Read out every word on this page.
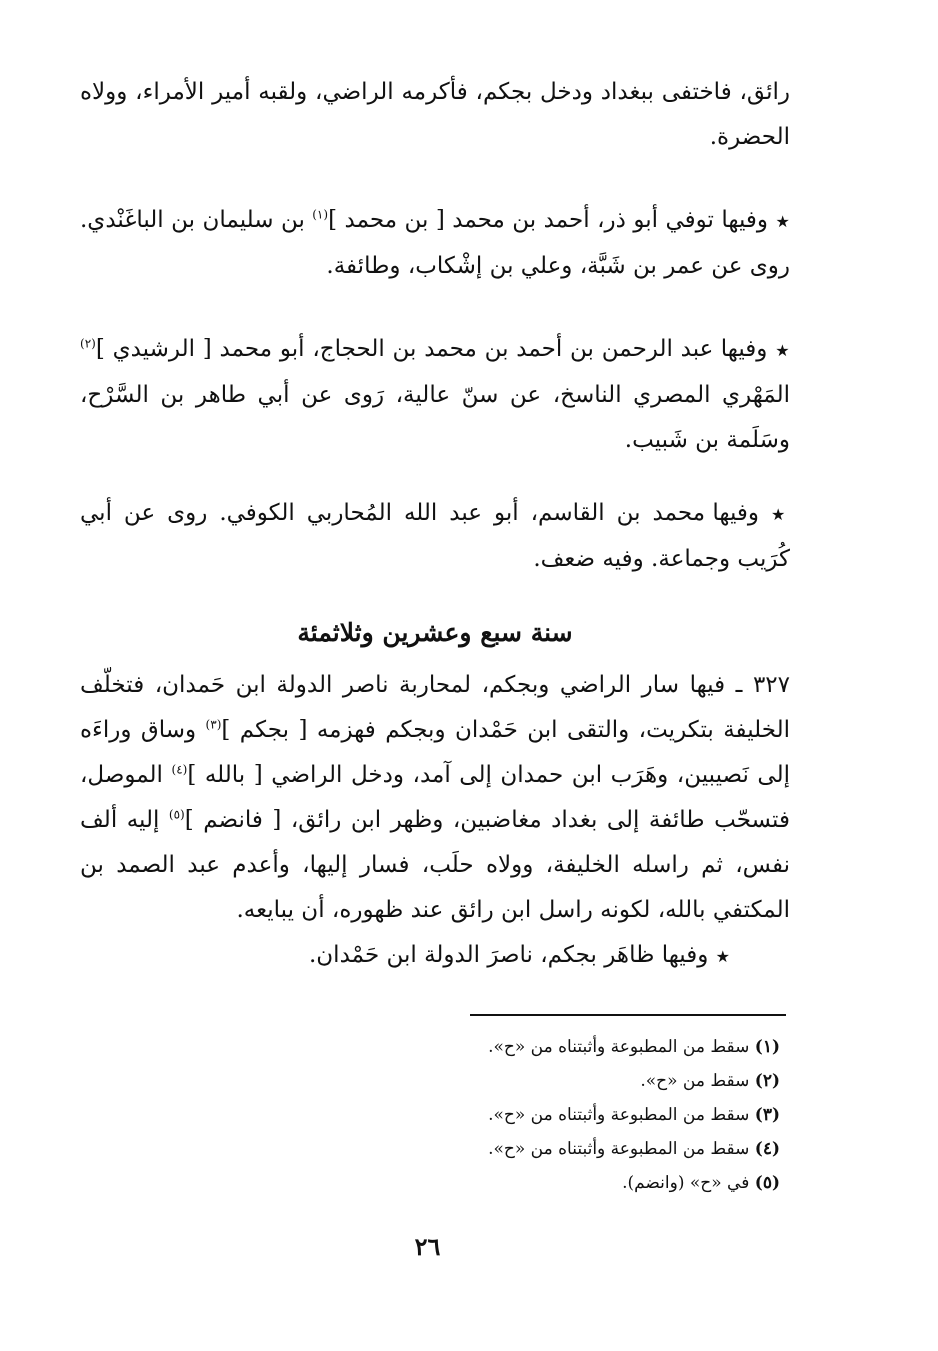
رائق، فاختفى ببغداد ودخل بجكم، فأكرمه الراضي، ولقبه أمير الأمراء، وولاه الحضرة.

★ وفيها توفي أبو ذر، أحمد بن محمد [ بن محمد ]$^{(١)}$ بن سليمان بن الباغَنْدي. روى عن عمر بن شَبَّة، وعلي بن إشْكاب، وطائفة.

★ وفيها عبد الرحمن بن أحمد بن محمد بن الحجاج، أبو محمد [ الرشيدي ]$^{(٢)}$ المَهْري المصري الناسخ، عن سنّ عالية، رَوى عن أبي طاهر بن السَّرْح، وسَلَمة بن شَبيب.

★ وفيها محمد بن القاسم، أبو عبد الله المُحاربي الكوفي. روى عن أبي كُرَيب وجماعة. وفيه ضعف.

سنة سبع وعشرين وثلاثمئة

٣٢٧ ـ فيها سار الراضي وبجكم، لمحاربة ناصر الدولة ابن حَمدان، فتخلّف الخليفة بتكريت، والتقى ابن حَمْدان وبجكم فهزمه [ بجكم ]$^{(٣)}$ وساق وراءَه إلى نَصيبين، وهَرَب ابن حمدان إلى آمد، ودخل الراضي [ بالله ]$^{(٤)}$ الموصل، فتسحّب طائفة إلى بغداد مغاضبين، وظهر ابن رائق، [ فانضم ]$^{(٥)}$ إليه ألف نفس، ثم راسله الخليفة، وولاه حلَب، فسار إليها، وأعدم عبد الصمد بن المكتفي بالله، لكونه راسل ابن رائق عند ظهوره، أن يبايعه.

★ وفيها ظاهَر بجكم، ناصرَ الدولة ابن حَمْدان.

(١) سقط من المطبوعة وأثبتناه من «ح».
(٢) سقط من «ح».
(٣) سقط من المطبوعة وأثبتناه من «ح».
(٤) سقط من المطبوعة وأثبتناه من «ح».
(٥) في «ح» (وانضم).
٢٦
